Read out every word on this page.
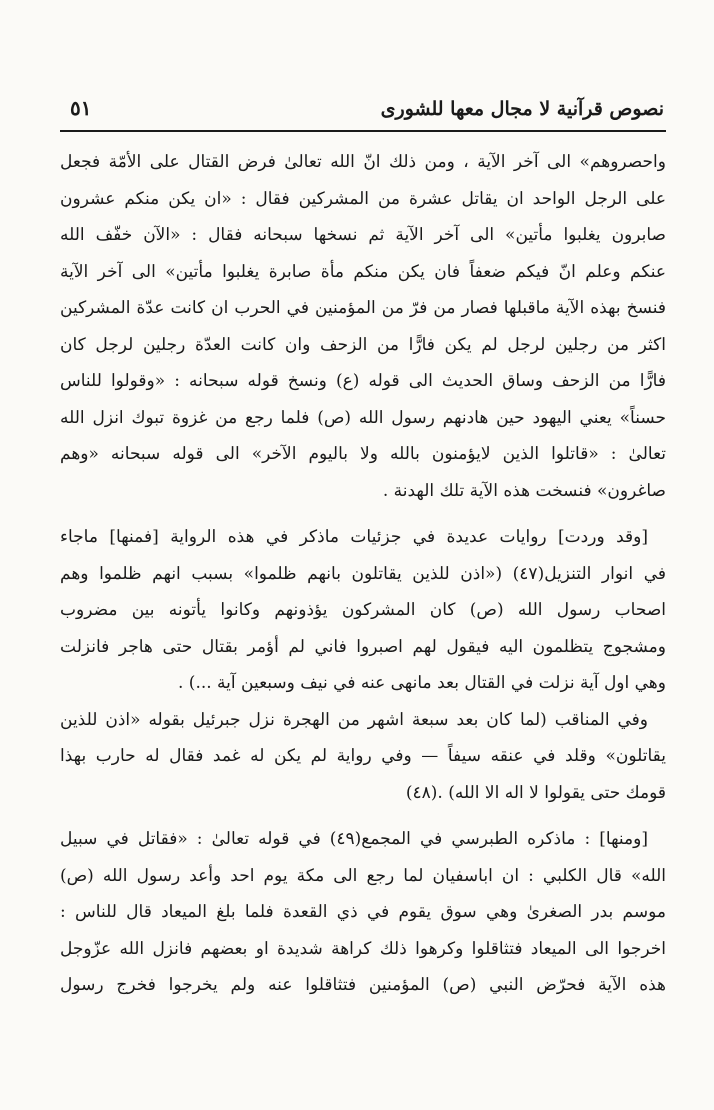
نصوص قرآنية لا مجال معها للشورى
٥١
واحصروهم» الى آخر الآية ، ومن ذلك انّ الله تعالىٰ فرض القتال على الأمّة فجعل
على الرجل الواحد ان يقاتل عشرة من المشركين فقال : «ان يكن منكم عشرون
صابرون يغلبوا مأتين» الى آخر الآية ثم نسخها سبحانه فقال : «الآن خفّف الله
عنكم وعلم انّ فيكم ضعفاً فان يكن منكم مأة صابرة يغلبوا مأتين» الى آخر الآية
فنسخ بهذه الآية ماقبلها فصار من فرّ من المؤمنين في الحرب ان كانت عدّة المشركين
اكثر من رجلين لرجل لم يكن فارًّا من الزحف وان كانت العدّة رجلين لرجل كان
فارًّا من الزحف وساق الحديث الى قوله (ع) ونسخ قوله سبحانه : «وقولوا للناس
حسناً» يعني اليهود حين هادنهم رسول الله (ص) فلما رجع من غزوة تبوك انزل الله
تعالىٰ : «قاتلوا الذين لايؤمنون بالله ولا باليوم الآخر» الى قوله سبحانه «وهم
صاغرون» فنسخت هذه الآية تلك الهدنة .
[وقد وردت] روايات عديدة في جزئيات ماذكر في هذه الرواية [فمنها] ماجاء
في انوار التنزيل(٤٧) («اذن للذين يقاتلون بانهم ظلموا» بسبب انهم ظلموا وهم
اصحاب رسول الله (ص) كان المشركون يؤذونهم وكانوا يأتونه بين مضروب
ومشجوج يتظلمون اليه فيقول لهم اصبروا فاني لم أؤمر بقتال حتى هاجر فانزلت
وهي اول آية نزلت في القتال بعد مانهى عنه في نيف وسبعين آية ...) .
وفي المناقب (لما كان بعد سبعة اشهر من الهجرة نزل جبرئيل بقوله «اذن للذين
يقاتلون» وقلد في عنقه سيفاً — وفي رواية لم يكن له غمد فقال له حارب بهذا
قومك حتى يقولوا لا اله الا الله) .(٤٨)
[ومنها] : ماذكره الطبرسي في المجمع(٤٩) في قوله تعالىٰ : «فقاتل في سبيل
الله» قال الكلبي : ان اباسفيان لما رجع الى مكة يوم احد وأعد رسول الله (ص)
موسم بدر الصغرىٰ وهي سوق يقوم في ذي القعدة فلما بلغ الميعاد قال للناس :
اخرجوا الى الميعاد فتثاقلوا وكرهوا ذلك كراهة شديدة او بعضهم فانزل الله عزّوجل
هذه الآية فحرّض النبي (ص) المؤمنين فتثاقلوا عنه ولم يخرجوا فخرج رسول
